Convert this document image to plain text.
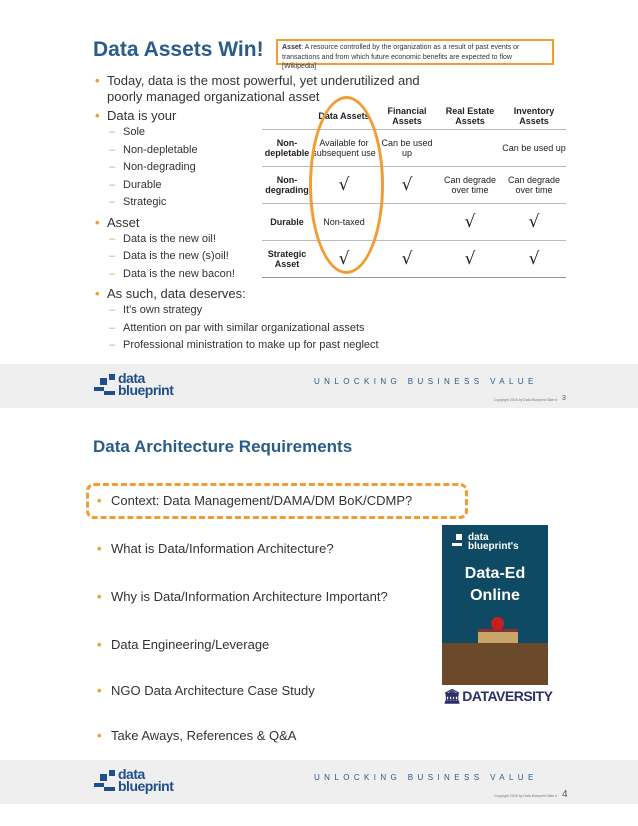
Data Assets Win!	Asset: A resource controlled by the organization as a result of past events or transactions and from which future economic benefits are expected to flow [Wikipedia]
• Today, data is the most powerful, yet underutilized and poorly managed organizational asset
• Data is your
– Sole
– Non-depletable
– Non-degrading
– Durable
– Strategic
• Asset
– Data is the new oil!
– Data is the new (s)oil!
– Data is the new bacon!
• As such, data deserves:
– It's own strategy
– Attention on par with similar organizational assets
– Professional ministration to make up for past neglect
	Data Assets	Financial Assets	Real Estate Assets	Inventory Assets
Non-depletable	Available for subsequent use	Can be used up		Can be used up
Non-degrading	√	√	Can degrade over time	Can degrade over time
Durable	Non-taxed		√	√
Strategic Asset	√	√	√	√
data
blueprint
UNLOCKING BUSINESS VALUE
Copyright 2016 by Data Blueprint Slide # 3
Data Architecture Requirements
• Context: Data Management/DAMA/DM BoK/CDMP?
• What is Data/Information Architecture?
• Why is Data/Information Architecture Important?
• Data Engineering/Leverage
• NGO Data Architecture Case Study
• Take Aways, References & Q&A
data
blueprint's
Data-Ed
Online
🏛 DATAVERSITY
data
blueprint
UNLOCKING BUSINESS VALUE
Copyright 2016 by Data Blueprint Slide # 4
